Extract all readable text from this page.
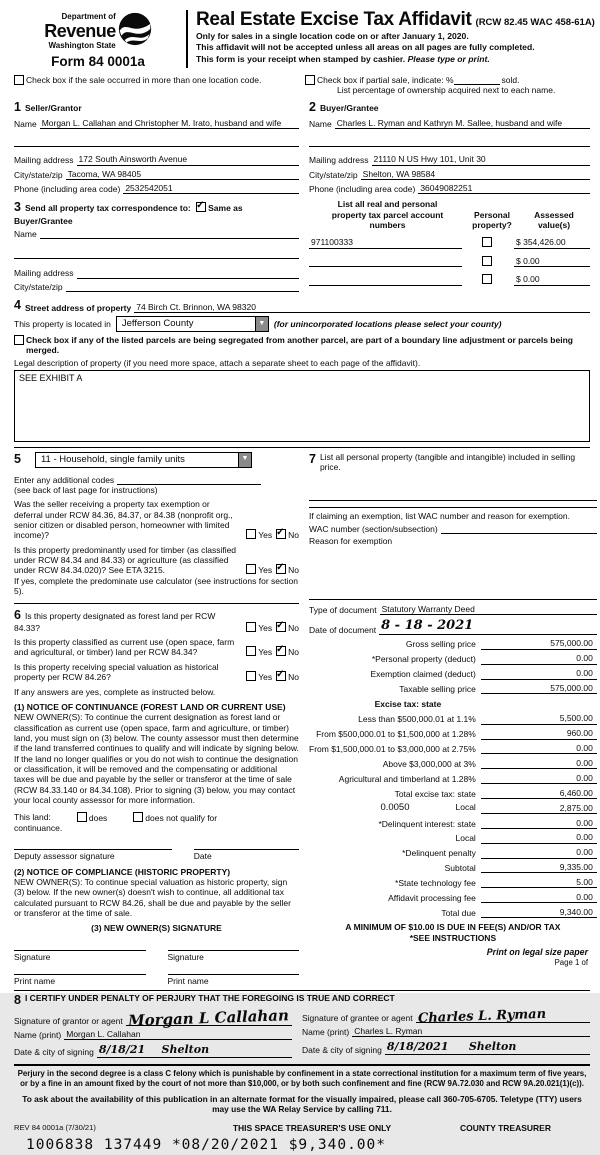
Department of
Revenue
Washington State
Form 84 0001a
Real Estate Excise Tax Affidavit (RCW 82.45 WAC 458-61A)
Only for sales in a single location code on or after January 1, 2020.
This affidavit will not be accepted unless all areas on all pages are fully completed.
This form is your receipt when stamped by cashier. Please type or print.
Check box if the sale occurred in more than one location code.	Check box if partial sale, indicate: %	sold.
List percentage of ownership acquired next to each name.
1 Seller/Grantor
Name Morgan L. Callahan and Christopher M. Irato, husband and wife
Mailing address 172 South Ainsworth Avenue
City/state/zip Tacoma, WA 98405
Phone (including area code) 2532542051
2 Buyer/Grantee
Name Charles L. Ryman and Kathryn M. Sallee, husband and wife
Mailing address 21110 N US Hwy 101, Unit 30
City/state/zip Shelton, WA 98584
Phone (including area code) 36049082251
3 Send all property tax correspondence to: ✓ Same as Buyer/Grantee
Name
Mailing address
City/state/zip
List all real and personal property tax parcel account numbers
Personal property?
Assessed value(s)
971100333	$ 354,426.00
$ 0.00
$ 0.00
4 Street address of property 74 Birch Ct. Brinnon, WA 98320
This property is located in	Jefferson County	▼ (for unincorporated locations please select your county)
Check box if any of the listed parcels are being segregated from another parcel, are part of a boundary line adjustment or parcels being merged.
Legal description of property (if you need more space, attach a separate sheet to each page of the affidavit).
SEE EXHIBIT A
5	11 - Household, single family units	▼
Enter any additional codes
(see back of last page for instructions)
Was the seller receiving a property tax exemption or deferral under RCW 84.36, 84.37, or 84.38 (nonprofit org., senior citizen or disabled person, homeowner with limited income)?	Yes ✓ No
Is this property predominantly used for timber (as classified under RCW 84.34 and 84.33) or agriculture (as classified under RCW 84.34.020)? See ETA 3215.	Yes ✓ No
If yes, complete the predominate use calculator (see instructions for section 5).
6 Is this property designated as forest land per RCW 84.33?	Yes ✓ No
Is this property classified as current use (open space, farm and agricultural, or timber) land per RCW 84.34?	Yes ✓ No
Is this property receiving special valuation as historical property per RCW 84.26?	Yes ✓ No
If any answers are yes, complete as instructed below.
(1) NOTICE OF CONTINUANCE (FOREST LAND OR CURRENT USE)
NEW OWNER(S): To continue the current designation as forest land or classification as current use (open space, farm and agriculture, or timber) land, you must sign on (3) below. The county assessor must then determine if the land transferred continues to qualify and will indicate by signing below. If the land no longer qualifies or you do not wish to continue the designation or classification, it will be removed and the compensating or additional taxes will be due and payable by the seller or transferor at the time of sale (RCW 84.33.140 or 84.34.108). Prior to signing (3) below, you may contact your local county assessor for more information.
This land:	does	does not qualify for
continuance.
Deputy assessor signature	Date
(2) NOTICE OF COMPLIANCE (HISTORIC PROPERTY)
NEW OWNER(S): To continue special valuation as historic property, sign (3) below. If the new owner(s) doesn't wish to continue, all additional tax calculated pursuant to RCW 84.26, shall be due and payable by the seller or transferor at the time of sale.
(3) NEW OWNER(S) SIGNATURE
Signature	Signature
Print name	Print name
7 List all personal property (tangible and intangible) included in selling price.
If claiming an exemption, list WAC number and reason for exemption.
WAC number (section/subsection)
Reason for exemption
Type of document Statutory Warranty Deed
Date of document 8 - 18 - 2021
Gross selling price	575,000.00
*Personal property (deduct)	0.00
Exemption claimed (deduct)	0.00
Taxable selling price	575,000.00
Excise tax: state
Less than $500,000.01 at 1.1%	5,500.00
From $500,000.01 to $1,500,000 at 1.28%	960.00
From $1,500,000.01 to $3,000,000 at 2.75%	0.00
Above $3,000,000 at 3%	0.00
Agricultural and timberland at 1.28%	0.00
Total excise tax: state	6,460.00
0.0050	Local	2,875.00
*Delinquent interest: state	0.00
Local	0.00
*Delinquent penalty	0.00
Subtotal	9,335.00
*State technology fee	5.00
Affidavit processing fee	0.00
Total due	9,340.00
A MINIMUM OF $10.00 IS DUE IN FEE(S) AND/OR TAX
*SEE INSTRUCTIONS
8 I CERTIFY UNDER PENALTY OF PERJURY THAT THE FOREGOING IS TRUE AND CORRECT
Signature of grantor or agent Morgan L Callahan
Name (print) Morgan L. Callahan
Date & city of signing 8/18/21 Shelton
Signature of grantee or agent Charles L. Ryman
Name (print) Charles L. Ryman
Date & city of signing 8/18/2021 Shelton
Perjury in the second degree is a class C felony which is punishable by confinement in a state correctional institution for a maximum term of five years, or by a fine in an amount fixed by the court of not more than $10,000, or by both such confinement and fine (RCW 9A.72.030 and RCW 9A.20.021(1)(c)).
To ask about the availability of this publication in an alternate format for the visually impaired, please call 360-705-6705. Teletype (TTY) users may use the WA Relay Service by calling 711.
REV 84 0001a (7/30/21)	THIS SPACE TREASURER'S USE ONLY	COUNTY TREASURER
1006838 137449 *08/20/2021 $9,340.00*
Print on legal size paper
Page 1 of
